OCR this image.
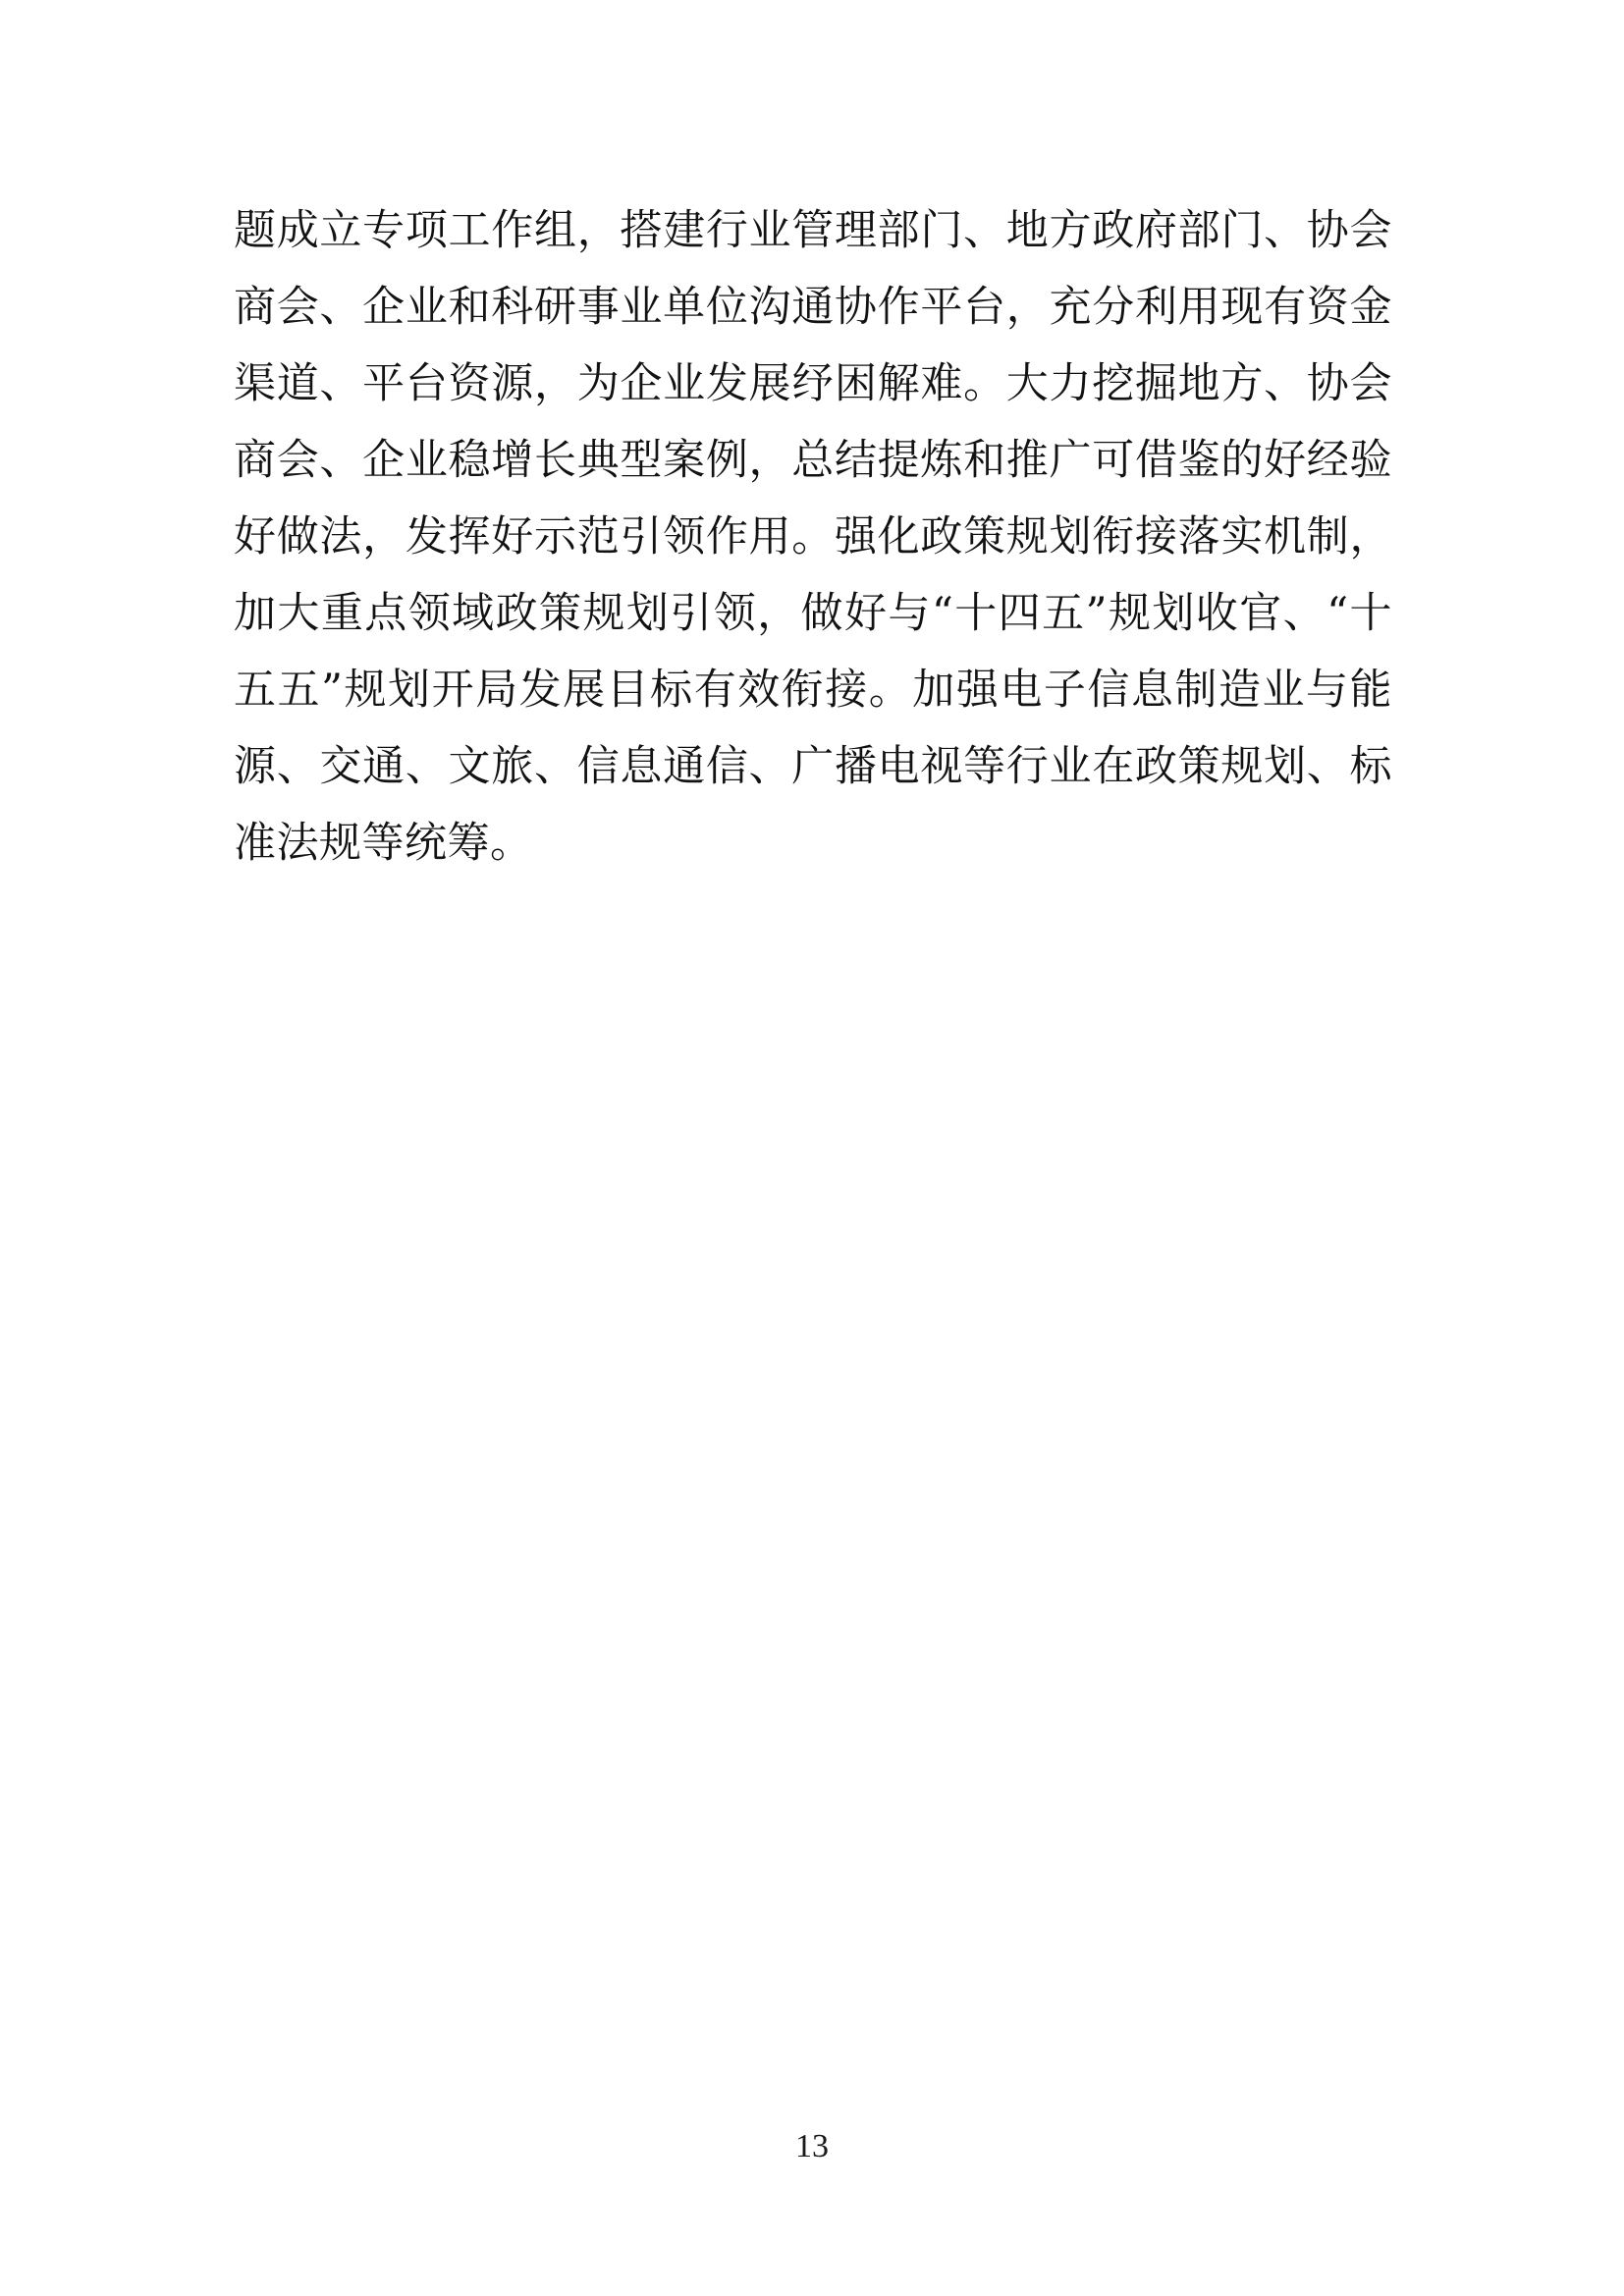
题成立专项工作组，搭建行业管理部门、地方政府部门、协会商会、企业和科研事业单位沟通协作平台，充分利用现有资金渠道、平台资源，为企业发展纾困解难。大力挖掘地方、协会商会、企业稳增长典型案例，总结提炼和推广可借鉴的好经验好做法，发挥好示范引领作用。强化政策规划衔接落实机制，加大重点领域政策规划引领，做好与“十四五”规划收官、“十五五”规划开局发展目标有效衔接。加强电子信息制造业与能源、交通、文旅、信息通信、广播电视等行业在政策规划、标准法规等统筹。

13
